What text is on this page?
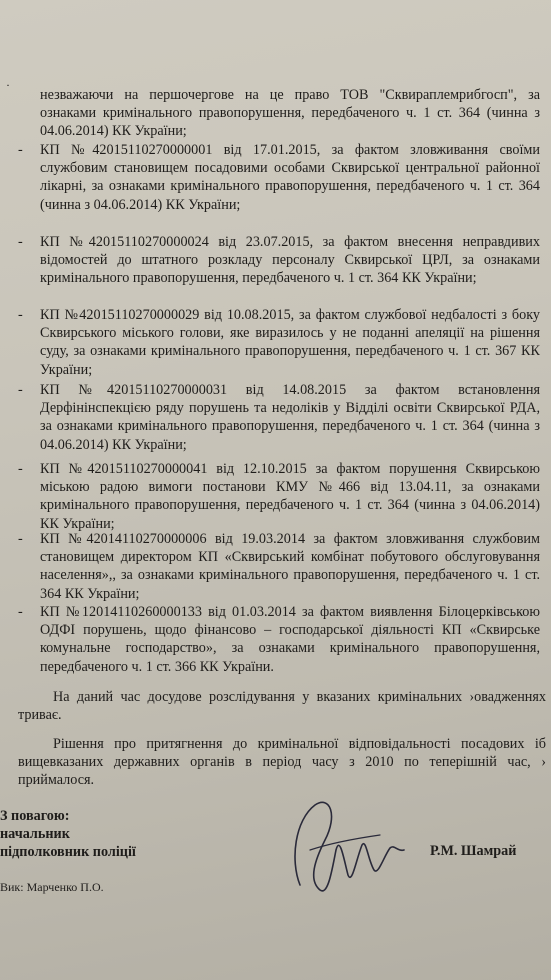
·
незважаючи на першочергове на це право ТОВ "Сквираплемрибгосп", за ознаками кримінального правопорушення, передбаченого ч. 1 ст. 364 (чинна з 04.06.2014) КК України;
- КП №42015110270000001 від 17.01.2015, за фактом зловживання своїми службовим становищем посадовими особами Сквирської центральної районної лікарні, за ознаками кримінального правопорушення, передбаченого ч. 1 ст. 364 (чинна з 04.06.2014) КК України;
- КП №42015110270000024 від 23.07.2015, за фактом внесення неправдивих відомостей до штатного розкладу персоналу Сквирської ЦРЛ, за ознаками кримінального правопорушення, передбаченого ч. 1 ст. 364 КК України;
- КП №42015110270000029 від 10.08.2015, за фактом службової недбалості з боку Сквирського міського голови, яке виразилось у не поданні апеляції на рішення суду, за ознаками кримінального правопорушення, передбаченого ч. 1 ст. 367 КК України;
- КП №42015110270000031 від 14.08.2015 за фактом встановлення Дерфінінспекцією ряду порушень та недоліків у Відділі освіти Сквирської РДА, за ознаками кримінального правопорушення, передбаченого ч. 1 ст. 364 (чинна з 04.06.2014) КК України;
- КП №42015110270000041 від 12.10.2015 за фактом порушення Сквирською міською радою вимоги постанови КМУ №466 від 13.04.11, за ознаками кримінального правопорушення, передбаченого ч. 1 ст. 364 (чинна з 04.06.2014) КК України;
- КП №42014110270000006 від 19.03.2014 за фактом зловживання службовим становищем директором КП «Сквирський комбінат побутового обслуговування населення»,, за ознаками кримінального правопорушення, передбаченого ч. 1 ст. 364 КК України;
- КП №12014110260000133 від 01.03.2014 за фактом виявлення Білоцерківською ОДФІ порушень, щодо фінансово – господарської діяльності КП «Сквирське комунальне господарство», за ознаками кримінального правопорушення, передбаченого ч. 1 ст. 366 КК України.
На даний час досудове розслідування у вказаних кримінальних ›овадженнях триває.
Рішення про притягнення до кримінальної відповідальності посадових іб вищевказаних державних органів в період часу з 2010 по теперішній час, › приймалося.
З повагою:
начальник
підполковник поліції	Р.М. Шамрай
Вик: Марченко П.О.
